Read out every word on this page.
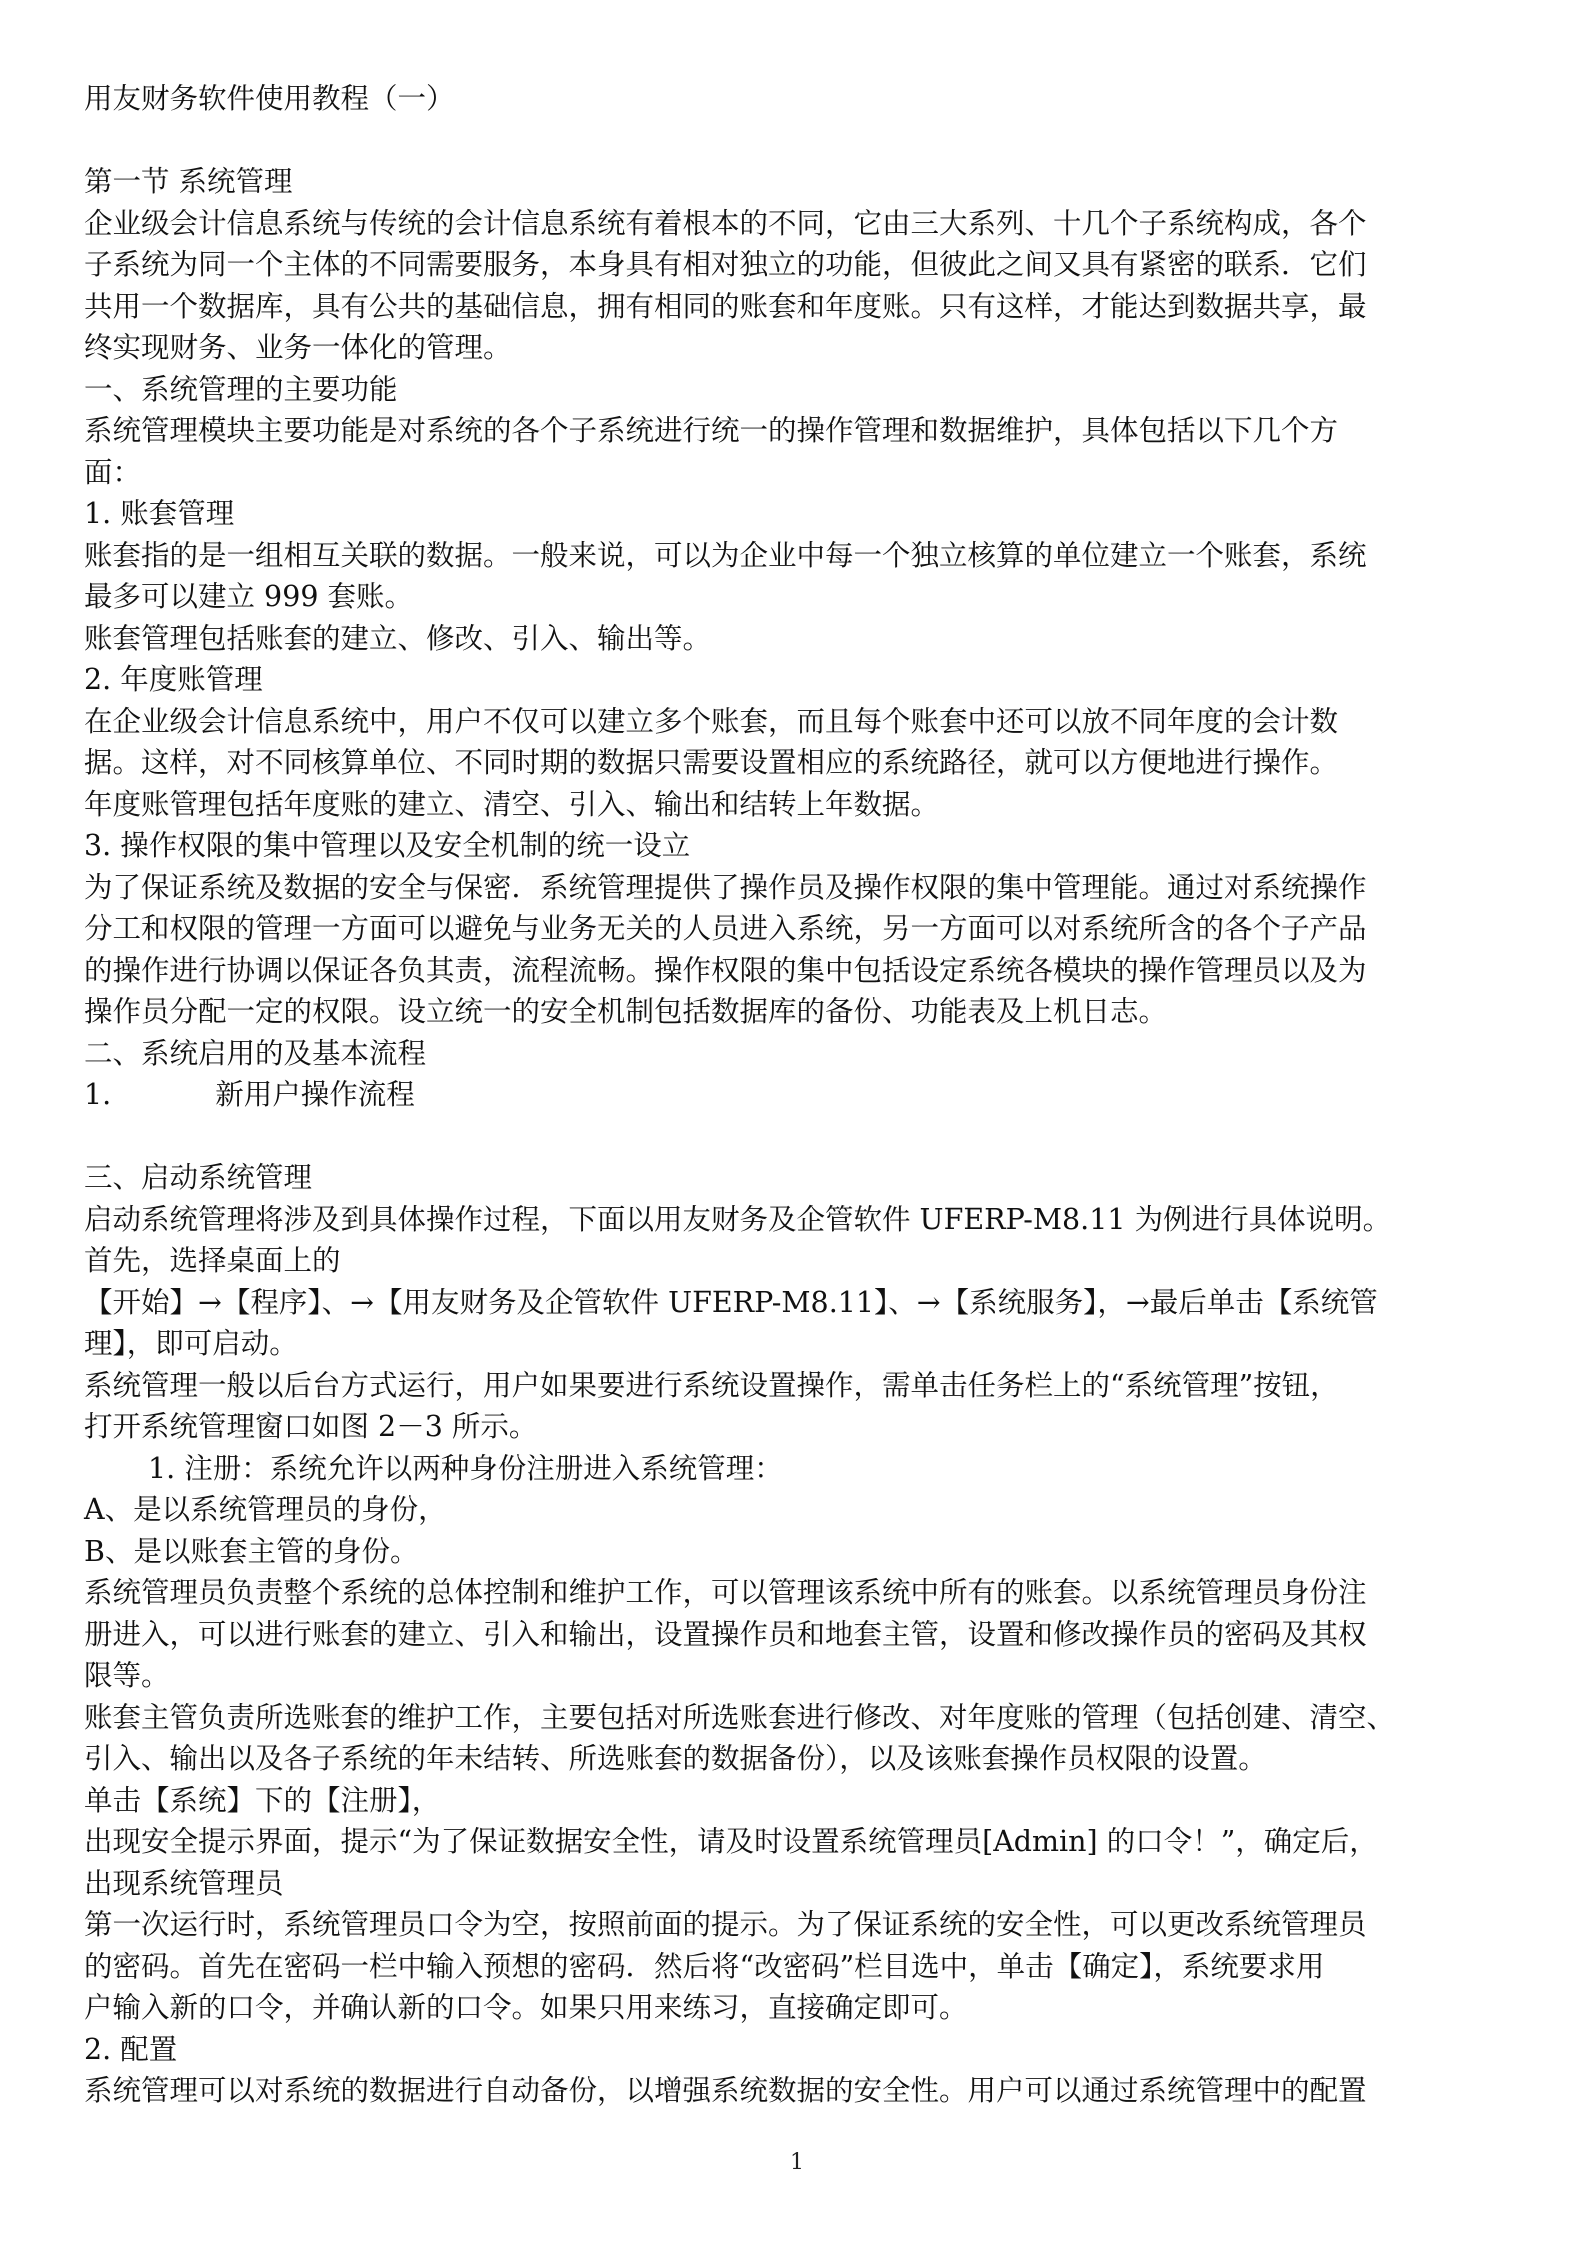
用友财务软件使用教程（一）
第一节 系统管理
企业级会计信息系统与传统的会计信息系统有着根本的不同，它由三大系列、十几个子系统构成，各个
子系统为同一个主体的不同需要服务，本身具有相对独立的功能，但彼此之间又具有紧密的联系．它们
共用一个数据库，具有公共的基础信息，拥有相同的账套和年度账。只有这样，才能达到数据共享，最
终实现财务、业务一体化的管理。
一、系统管理的主要功能
系统管理模块主要功能是对系统的各个子系统进行统一的操作管理和数据维护，具体包括以下几个方
面：
1. 账套管理
账套指的是一组相互关联的数据。一般来说，可以为企业中每一个独立核算的单位建立一个账套，系统
最多可以建立 999 套账。
账套管理包括账套的建立、修改、引入、输出等。
2. 年度账管理
在企业级会计信息系统中，用户不仅可以建立多个账套，而且每个账套中还可以放不同年度的会计数
据。这样，对不同核算单位、不同时期的数据只需要设置相应的系统路径，就可以方便地进行操作。
年度账管理包括年度账的建立、清空、引入、输出和结转上年数据。
3. 操作权限的集中管理以及安全机制的统一设立
为了保证系统及数据的安全与保密．系统管理提供了操作员及操作权限的集中管理能。通过对系统操作
分工和权限的管理一方面可以避免与业务无关的人员进入系统，另一方面可以对系统所含的各个子产品
的操作进行协调以保证各负其责，流程流畅。操作权限的集中包括设定系统各模块的操作管理员以及为
操作员分配一定的权限。设立统一的安全机制包括数据库的备份、功能表及上机日志。
二、系统启用的及基本流程
1.	新用户操作流程
三、启动系统管理
启动系统管理将涉及到具体操作过程，下面以用友财务及企管软件 UFERP-M8.11 为例进行具体说明。
首先，选择桌面上的
【开始】→【程序】、→【用友财务及企管软件 UFERP-M8.11】、→【系统服务】，→最后单击【系统管
理】，即可启动。
系统管理一般以后台方式运行，用户如果要进行系统设置操作，需单击任务栏上的“系统管理”按钮，
打开系统管理窗口如图 2－3 所示。
1. 注册：系统允许以两种身份注册进入系统管理：
A、是以系统管理员的身份，
B、是以账套主管的身份。
系统管理员负责整个系统的总体控制和维护工作，可以管理该系统中所有的账套。以系统管理员身份注
册进入，可以进行账套的建立、引入和输出，设置操作员和地套主管，设置和修改操作员的密码及其权
限等。
账套主管负责所选账套的维护工作，主要包括对所选账套进行修改、对年度账的管理（包括创建、清空、
引入、输出以及各子系统的年未结转、所选账套的数据备份），以及该账套操作员权限的设置。
单击【系统】下的【注册】，
出现安全提示界面，提示“为了保证数据安全性，请及时设置系统管理员[Admin] 的口令！”，确定后，
出现系统管理员
第一次运行时，系统管理员口令为空，按照前面的提示。为了保证系统的安全性，可以更改系统管理员
的密码。首先在密码一栏中输入预想的密码．然后将“改密码”栏目选中，单击【确定】，系统要求用
户输入新的口令，并确认新的口令。如果只用来练习，直接确定即可。
2. 配置
系统管理可以对系统的数据进行自动备份，以增强系统数据的安全性。用户可以通过系统管理中的配置
1
